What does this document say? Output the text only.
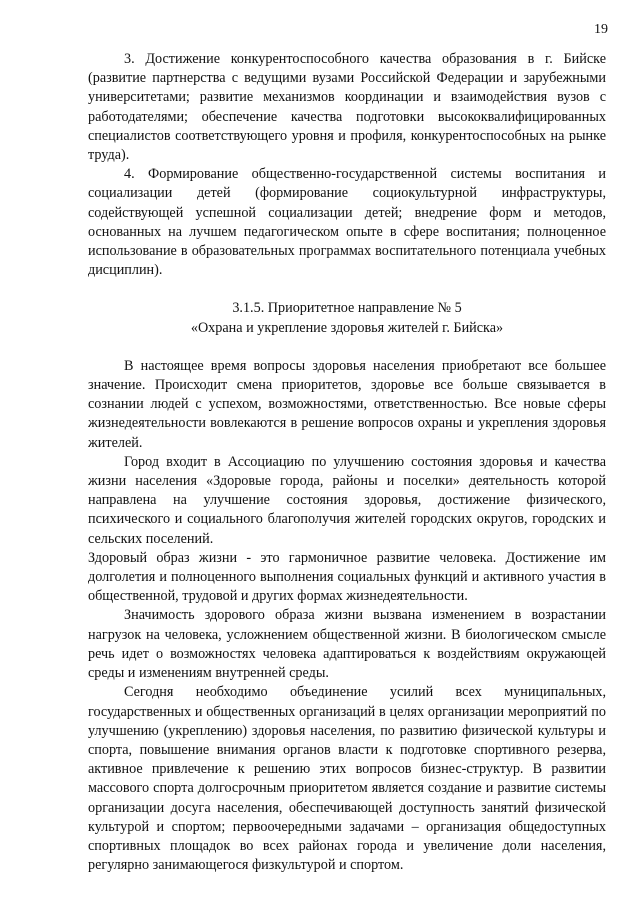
19

3. Достижение конкурентоспособного качества образования в г. Бийске (развитие партнерства с ведущими вузами Российской Федерации и зарубежными университетами; развитие механизмов координации и взаимодействия вузов с работодателями; обеспечение качества подготовки высококвалифицированных специалистов соответствующего уровня и профиля, конкурентоспособных на рынке труда).

4. Формирование общественно-государственной системы воспитания и социализации детей (формирование социокультурной инфраструктуры, содействующей успешной социализации детей; внедрение форм и методов, основанных на лучшем педагогическом опыте в сфере воспитания; полноценное использование в образовательных программах воспитательного потенциала учебных дисциплин).

3.1.5. Приоритетное направление № 5
«Охрана и укрепление здоровья жителей г. Бийска»

В настоящее время вопросы здоровья населения приобретают все большее значение. Происходит смена приоритетов, здоровье все больше связывается в сознании людей с успехом, возможностями, ответственностью. Все новые сферы жизнедеятельности вовлекаются в решение вопросов охраны и укрепления здоровья жителей.

Город входит в Ассоциацию по улучшению состояния здоровья и качества жизни населения «Здоровые города, районы и поселки» деятельность которой направлена на улучшение состояния здоровья, достижение физического, психического и социального благополучия жителей городских округов, городских и сельских поселений.

Здоровый образ жизни - это гармоничное развитие человека. Достижение им долголетия и полноценного выполнения социальных функций и активного участия в общественной, трудовой и других формах жизнедеятельности.

Значимость здорового образа жизни вызвана изменением в возрастании нагрузок на человека, усложнением общественной жизни. В биологическом смысле речь идет о возможностях человека адаптироваться к воздействиям окружающей среды и изменениям внутренней среды.

Сегодня необходимо объединение усилий всех муниципальных, государственных и общественных организаций в целях организации мероприятий по улучшению (укреплению) здоровья населения, по развитию физической культуры и спорта, повышение внимания органов власти к подготовке спортивного резерва, активное привлечение к решению этих вопросов бизнес-структур. В развитии массового спорта долгосрочным приоритетом является создание и развитие системы организации досуга населения, обеспечивающей доступность занятий физической культурой и спортом; первоочередными задачами – организация общедоступных спортивных площадок во всех районах города и увеличение доли населения, регулярно занимающегося физкультурой и спортом.
